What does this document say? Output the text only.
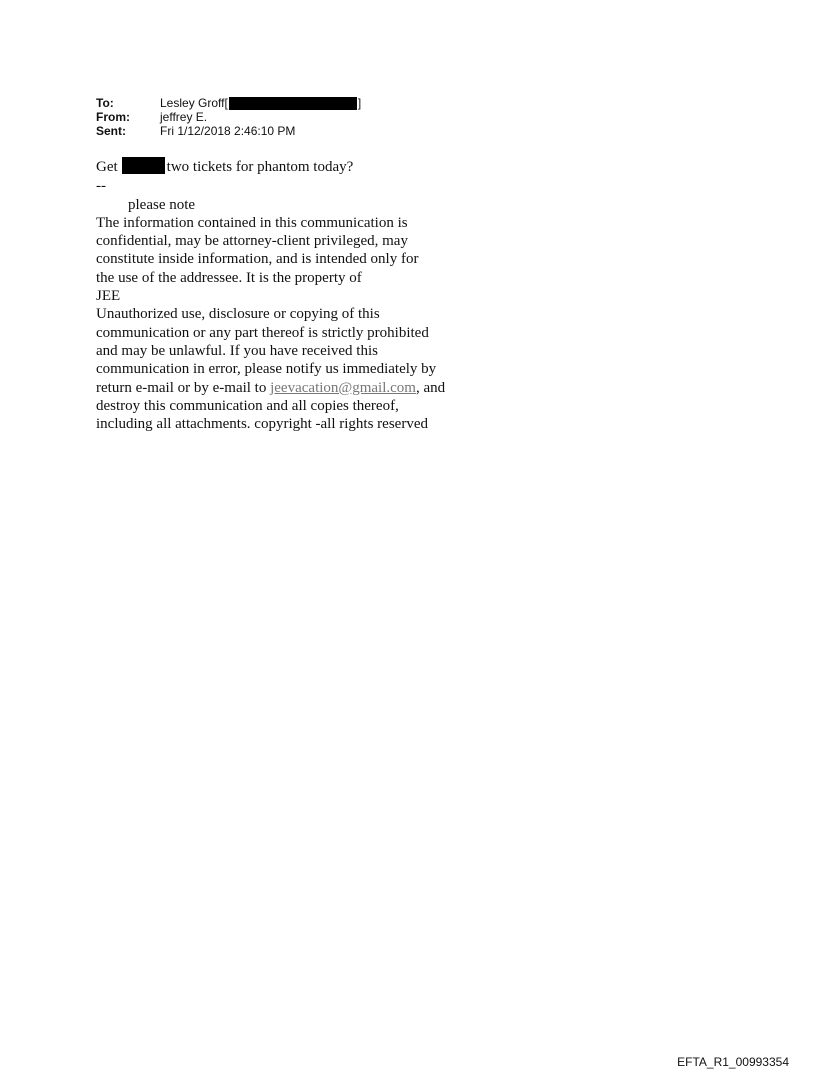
To:	Lesley Groff[	]
From:	jeffrey E.
Sent:	Fri 1/12/2018 2:46:10 PM

Get	two tickets for phantom today?

--

please note

The information contained in this communication is

confidential, may be attorney-client privileged, may

constitute inside information, and is intended only for

the use of the addressee. It is the property of

JEE

Unauthorized use, disclosure or copying of this

communication or any part thereof is strictly prohibited

and may be unlawful. If you have received this

communication in error, please notify us immediately by

return e-mail or by e-mail to jeevacation@gmail.com, and

destroy this communication and all copies thereof,

including all attachments. copyright -all rights reserved

EFTA_R1_00993354
